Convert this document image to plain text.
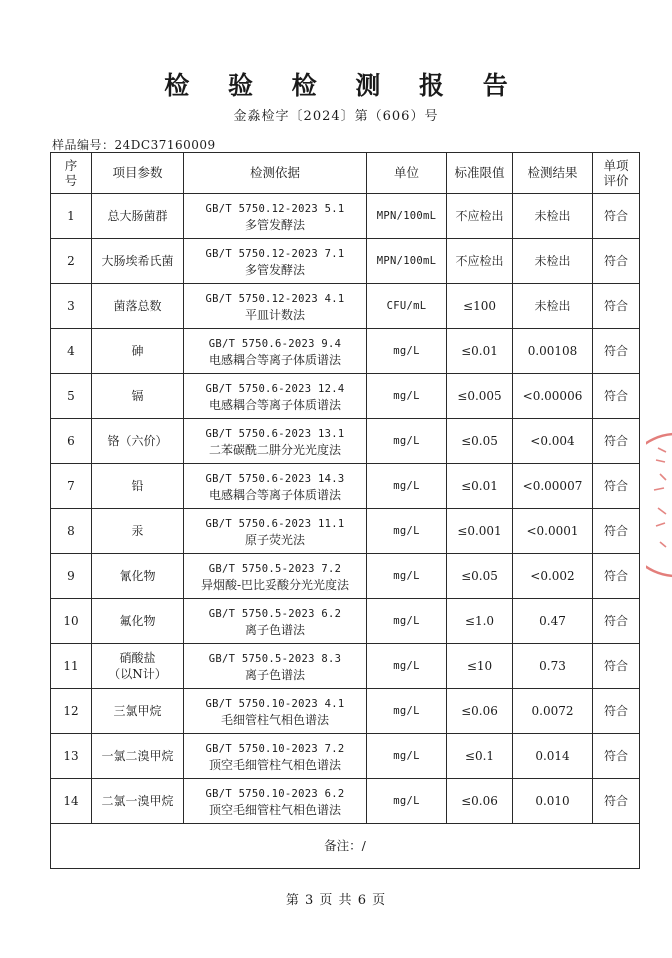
检 验 检 测 报 告
金淼检字〔2024〕第（606）号
样品编号：24DC37160009
序
号	项目参数	检测依据	单位	标准限值	检测结果	单项
评价
1	总大肠菌群	GB/T 5750.12-2023 5.1
多管发酵法	MPN/100mL	不应检出	未检出	符合
2	大肠埃希氏菌	GB/T 5750.12-2023 7.1
多管发酵法	MPN/100mL	不应检出	未检出	符合
3	菌落总数	GB/T 5750.12-2023 4.1
平皿计数法	CFU/mL	≤100	未检出	符合
4	砷	GB/T 5750.6-2023 9.4
电感耦合等离子体质谱法	mg/L	≤0.01	0.00108	符合
5	镉	GB/T 5750.6-2023 12.4
电感耦合等离子体质谱法	mg/L	≤0.005	<0.00006	符合
6	铬（六价）	GB/T 5750.6-2023 13.1
二苯碳酰二肼分光光度法	mg/L	≤0.05	<0.004	符合
7	铅	GB/T 5750.6-2023 14.3
电感耦合等离子体质谱法	mg/L	≤0.01	<0.00007	符合
8	汞	GB/T 5750.6-2023 11.1
原子荧光法	mg/L	≤0.001	<0.0001	符合
9	氰化物	GB/T 5750.5-2023 7.2
异烟酸-巴比妥酸分光光度法	mg/L	≤0.05	<0.002	符合
10	氟化物	GB/T 5750.5-2023 6.2
离子色谱法	mg/L	≤1.0	0.47	符合
11	硝酸盐
（以N计）	GB/T 5750.5-2023 8.3
离子色谱法	mg/L	≤10	0.73	符合
12	三氯甲烷	GB/T 5750.10-2023 4.1
毛细管柱气相色谱法	mg/L	≤0.06	0.0072	符合
13	一氯二溴甲烷	GB/T 5750.10-2023 7.2
顶空毛细管柱气相色谱法	mg/L	≤0.1	0.014	符合
14	二氯一溴甲烷	GB/T 5750.10-2023 6.2
顶空毛细管柱气相色谱法	mg/L	≤0.06	0.010	符合
备注：/						
第 3 页 共 6 页
